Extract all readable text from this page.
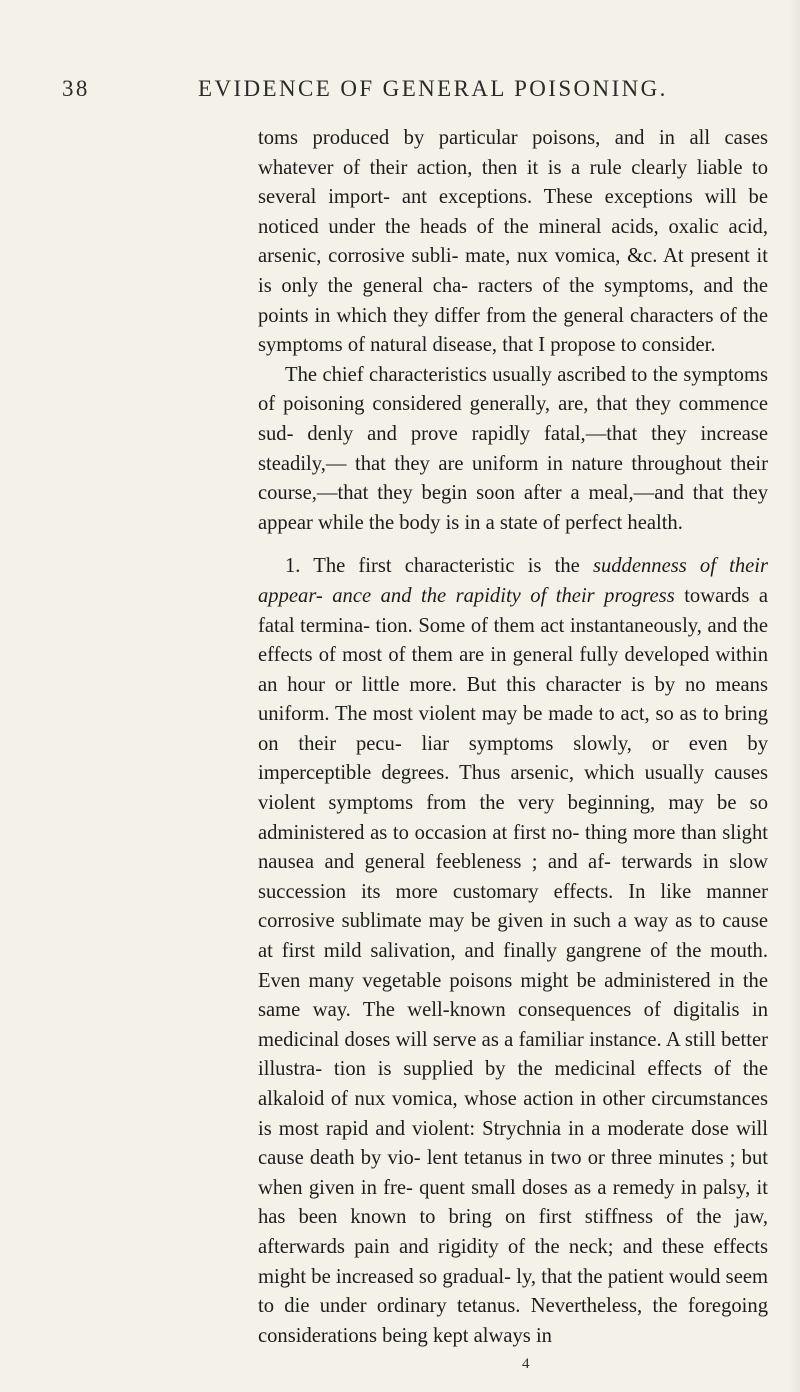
38	EVIDENCE OF GENERAL POISONING.

toms produced by particular poisons, and in all cases whatever of their action, then it is a rule clearly liable to several import- ant exceptions. These exceptions will be noticed under the heads of the mineral acids, oxalic acid, arsenic, corrosive subli- mate, nux vomica, &c. At present it is only the general cha- racters of the symptoms, and the points in which they differ from the general characters of the symptoms of natural disease, that I propose to consider.

The chief characteristics usually ascribed to the symptoms of poisoning considered generally, are, that they commence sud- denly and prove rapidly fatal,—that they increase steadily,— that they are uniform in nature throughout their course,—that they begin soon after a meal,—and that they appear while the body is in a state of perfect health.

1. The first characteristic is the suddenness of their appear- ance and the rapidity of their progress towards a fatal termina- tion. Some of them act instantaneously, and the effects of most of them are in general fully developed within an hour or little more. But this character is by no means uniform. The most violent may be made to act, so as to bring on their pecu- liar symptoms slowly, or even by imperceptible degrees. Thus arsenic, which usually causes violent symptoms from the very beginning, may be so administered as to occasion at first no- thing more than slight nausea and general feebleness ; and af- terwards in slow succession its more customary effects. In like manner corrosive sublimate may be given in such a way as to cause at first mild salivation, and finally gangrene of the mouth. Even many vegetable poisons might be administered in the same way. The well-known consequences of digitalis in medicinal doses will serve as a familiar instance. A still better illustra- tion is supplied by the medicinal effects of the alkaloid of nux vomica, whose action in other circumstances is most rapid and violent: Strychnia in a moderate dose will cause death by vio- lent tetanus in two or three minutes ; but when given in fre- quent small doses as a remedy in palsy, it has been known to bring on first stiffness of the jaw, afterwards pain and rigidity of the neck; and these effects might be increased so gradual- ly, that the patient would seem to die under ordinary tetanus. Nevertheless, the foregoing considerations being kept always in

4
